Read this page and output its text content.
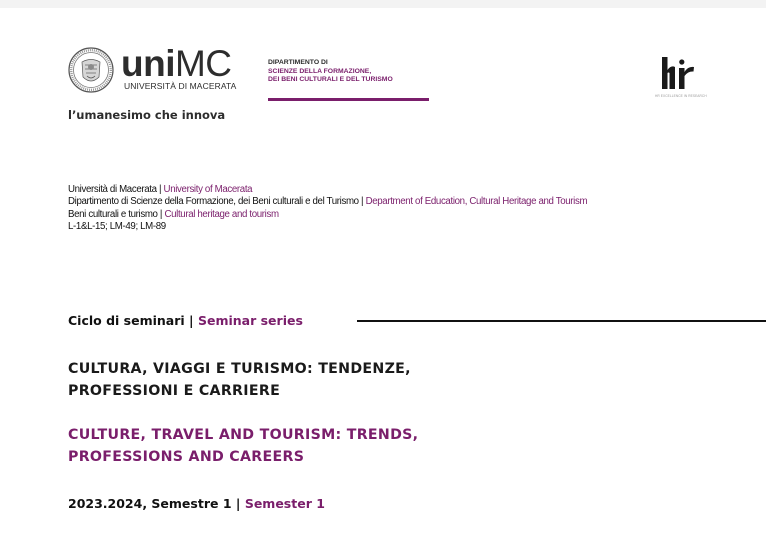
uniMC
UNIVERSITÀ DI MACERATA
l’umanesimo che innova
DIPARTIMENTO DI
SCIENZE DELLA FORMAZIONE,
DEI BENI CULTURALI E DEL TURISMO
HR EXCELLENCE IN RESEARCH
Università di Macerata | University of Macerata
Dipartimento di Scienze della Formazione, dei Beni culturali e del Turismo | Department of Education, Cultural Heritage and Tourism
Beni culturali e turismo | Cultural heritage and tourism
L-1&L-15; LM-49; LM-89
Ciclo di seminari | Seminar series
CULTURA, VIAGGI E TURISMO: TENDENZE,
PROFESSIONI E CARRIERE
CULTURE, TRAVEL AND TOURISM: TRENDS,
PROFESSIONS AND CAREERS
2023.2024, Semestre 1 | Semester 1
